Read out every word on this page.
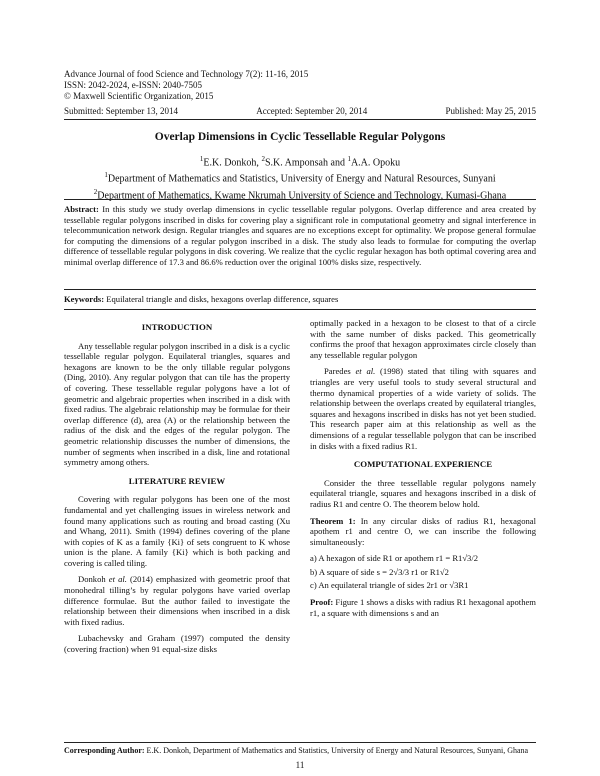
Advance Journal of food Science and Technology 7(2): 11-16, 2015
ISSN: 2042-2024, e-ISSN: 2040-7505
© Maxwell Scientific Organization, 2015
Submitted: September 13, 2014	Accepted: September 20, 2014	Published: May 25, 2015
Overlap Dimensions in Cyclic Tessellable Regular Polygons
$^1$E.K. Donkoh, $^2$S.K. Amponsah and $^1$A.A. Opoku
$^1$Department of Mathematics and Statistics, University of Energy and Natural Resources, Sunyani
$^2$Department of Mathematics, Kwame Nkrumah University of Science and Technology, Kumasi-Ghana
Abstract: In this study we study overlap dimensions in cyclic tessellable regular polygons. Overlap difference and area created by tessellable regular polygons inscribed in disks for covering play a significant role in computational geometry and signal interference in telecommunication network design. Regular triangles and squares are no exceptions except for optimality. We propose general formulae for computing the dimensions of a regular polygon inscribed in a disk. The study also leads to formulae for computing the overlap difference of tessellable regular polygons in disk covering. We realize that the cyclic regular hexagon has both optimal covering area and minimal overlap difference of 17.3 and 86.6% reduction over the original 100% disks size, respectively.
Keywords: Equilateral triangle and disks, hexagons overlap difference, squares
INTRODUCTION

Any tessellable regular polygon inscribed in a disk is a cyclic tessellable regular polygon. Equilateral triangles, squares and hexagons are known to be the only tillable regular polygons (Ding, 2010). Any regular polygon that can tile has the property of covering. These tessellable regular polygons have a lot of geometric and algebraic properties when inscribed in a disk with fixed radius. The algebraic relationship may be formulae for their overlap difference (d), area (A) or the relationship between the radius of the disk and the edges of the regular polygon. The geometric relationship discusses the number of dimensions, the number of segments when inscribed in a disk, line and rotational symmetry among others.

LITERATURE REVIEW

Covering with regular polygons has been one of the most fundamental and yet challenging issues in wireless network and found many applications such as routing and broad casting (Xu and Whang, 2011). Smith (1994) defines covering of the plane with copies of K as a family {Ki} of sets congruent to K whose union is the plane. A family {Ki} which is both packing and covering is called tiling.

Donkoh et al. (2014) emphasized with geometric proof that monohedral tilling’s by regular polygons have varied overlap difference formulae. But the author failed to investigate the relationship between their dimensions when inscribed in a disk with fixed radius.

Lubachevsky and Graham (1997) computed the density (covering fraction) when 91 equal-size disks

optimally packed in a hexagon to be closest to that of a circle with the same number of disks packed. This geometrically confirms the proof that hexagon approximates circle closely than any tessellable regular polygon

Paredes et al. (1998) stated that tiling with squares and triangles are very useful tools to study several structural and thermo dynamical properties of a wide variety of solids. The relationship between the overlaps created by equilateral triangles, squares and hexagons inscribed in disks has not yet been studied. This research paper aim at this relationship as well as the dimensions of a regular tessellable polygon that can be inscribed in disks with a fixed radius R1.

COMPUTATIONAL EXPERIENCE

Consider the three tessellable regular polygons namely equilateral triangle, squares and hexagons inscribed in a disk of radius R1 and centre O. The theorem below hold.

Theorem 1: In any circular disks of radius R1, hexagonal apothem r1 and centre O, we can inscribe the following simultaneously:

a) A hexagon of side R1 or apothem r1 = R1√3/2
b) A square of side s = 2√3/3 r1 or R1√2
c) An equilateral triangle of sides 2r1 or √3R1

Proof: Figure 1 shows a disks with radius R1 hexagonal apothem r1, a square with dimensions s and an

Corresponding Author: E.K. Donkoh, Department of Mathematics and Statistics, University of Energy and Natural Resources, Sunyani, Ghana
11
